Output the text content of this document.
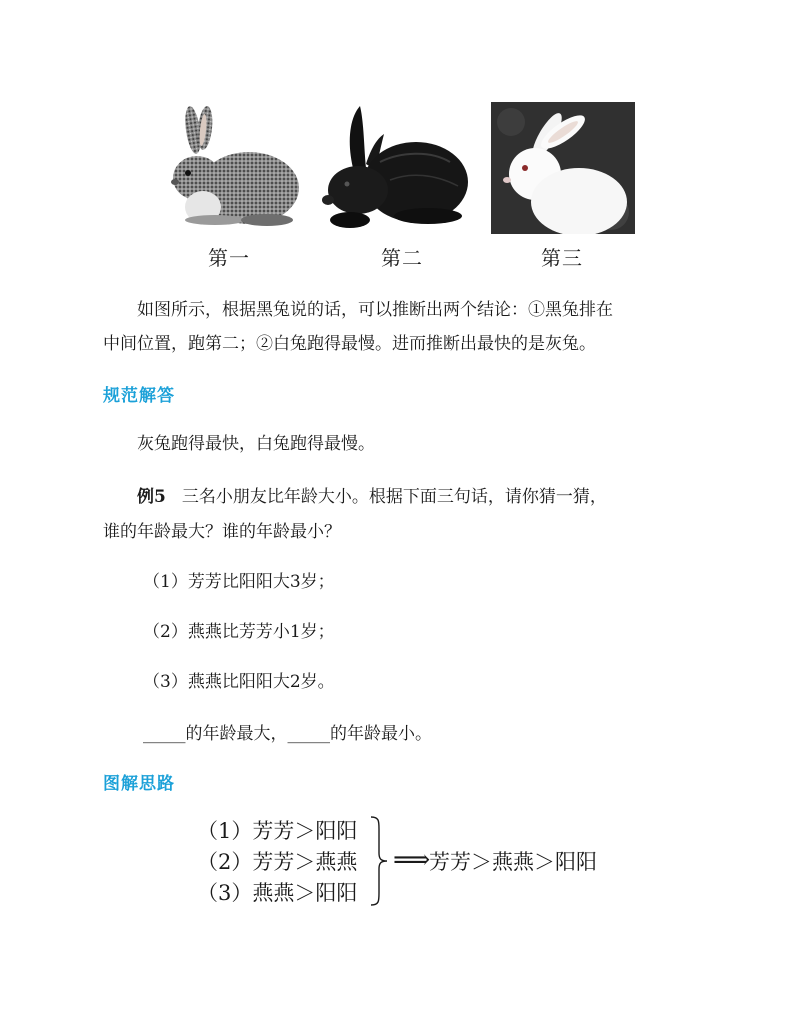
第一	第二	第三
如图所示，根据黑兔说的话，可以推断出两个结论：①黑兔排在
中间位置，跑第二；②白兔跑得最慢。进而推断出最快的是灰兔。
规范解答
灰兔跑得最快，白兔跑得最慢。
例5 三名小朋友比年龄大小。根据下面三句话，请你猜一猜，
谁的年龄最大？谁的年龄最小？
（1）芳芳比阳阳大3岁；
（2）燕燕比芳芳小1岁；
（3）燕燕比阳阳大2岁。
_____的年龄最大，_____的年龄最小。
图解思路
（1）芳芳＞阳阳
（2）芳芳＞燕燕
（3）燕燕＞阳阳
⟹
芳芳＞燕燕＞阳阳
